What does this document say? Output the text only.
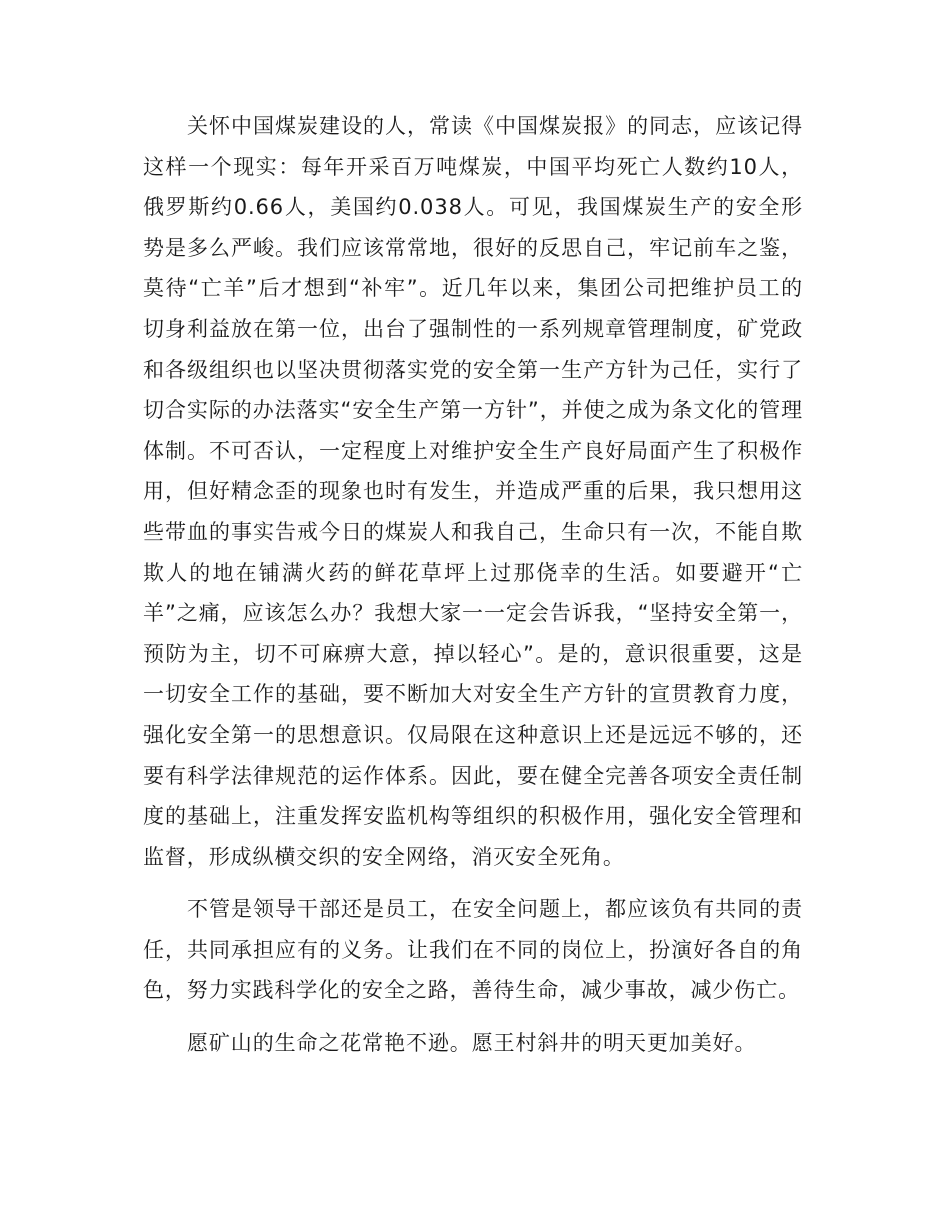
关怀中国煤炭建设的人，常读《中国煤炭报》的同志，应该记得这样一个现实：每年开采百万吨煤炭，中国平均死亡人数约10人，俄罗斯约0.66人，美国约0.038人。可见，我国煤炭生产的安全形势是多么严峻。我们应该常常地，很好的反思自己，牢记前车之鉴，莫待“亡羊”后才想到“补牢”。近几年以来，集团公司把维护员工的切身利益放在第一位，出台了强制性的一系列规章管理制度，矿党政和各级组织也以坚决贯彻落实党的安全第一生产方针为己任，实行了切合实际的办法落实“安全生产第一方针”，并使之成为条文化的管理体制。不可否认，一定程度上对维护安全生产良好局面产生了积极作用，但好精念歪的现象也时有发生，并造成严重的后果，我只想用这些带血的事实告戒今日的煤炭人和我自己，生命只有一次，不能自欺欺人的地在铺满火药的鲜花草坪上过那侥幸的生活。如要避开“亡羊”之痛，应该怎么办？我想大家一一定会告诉我，“坚持安全第一，预防为主，切不可麻痹大意，掉以轻心”。是的，意识很重要，这是一切安全工作的基础，要不断加大对安全生产方针的宣贯教育力度，强化安全第一的思想意识。仅局限在这种意识上还是远远不够的，还要有科学法律规范的运作体系。因此，要在健全完善各项安全责任制度的基础上，注重发挥安监机构等组织的积极作用，强化安全管理和监督，形成纵横交织的安全网络，消灭安全死角。

不管是领导干部还是员工，在安全问题上，都应该负有共同的责任，共同承担应有的义务。让我们在不同的岗位上，扮演好各自的角色，努力实践科学化的安全之路，善待生命，减少事故，减少伤亡。

愿矿山的生命之花常艳不逊。愿王村斜井的明天更加美好。
